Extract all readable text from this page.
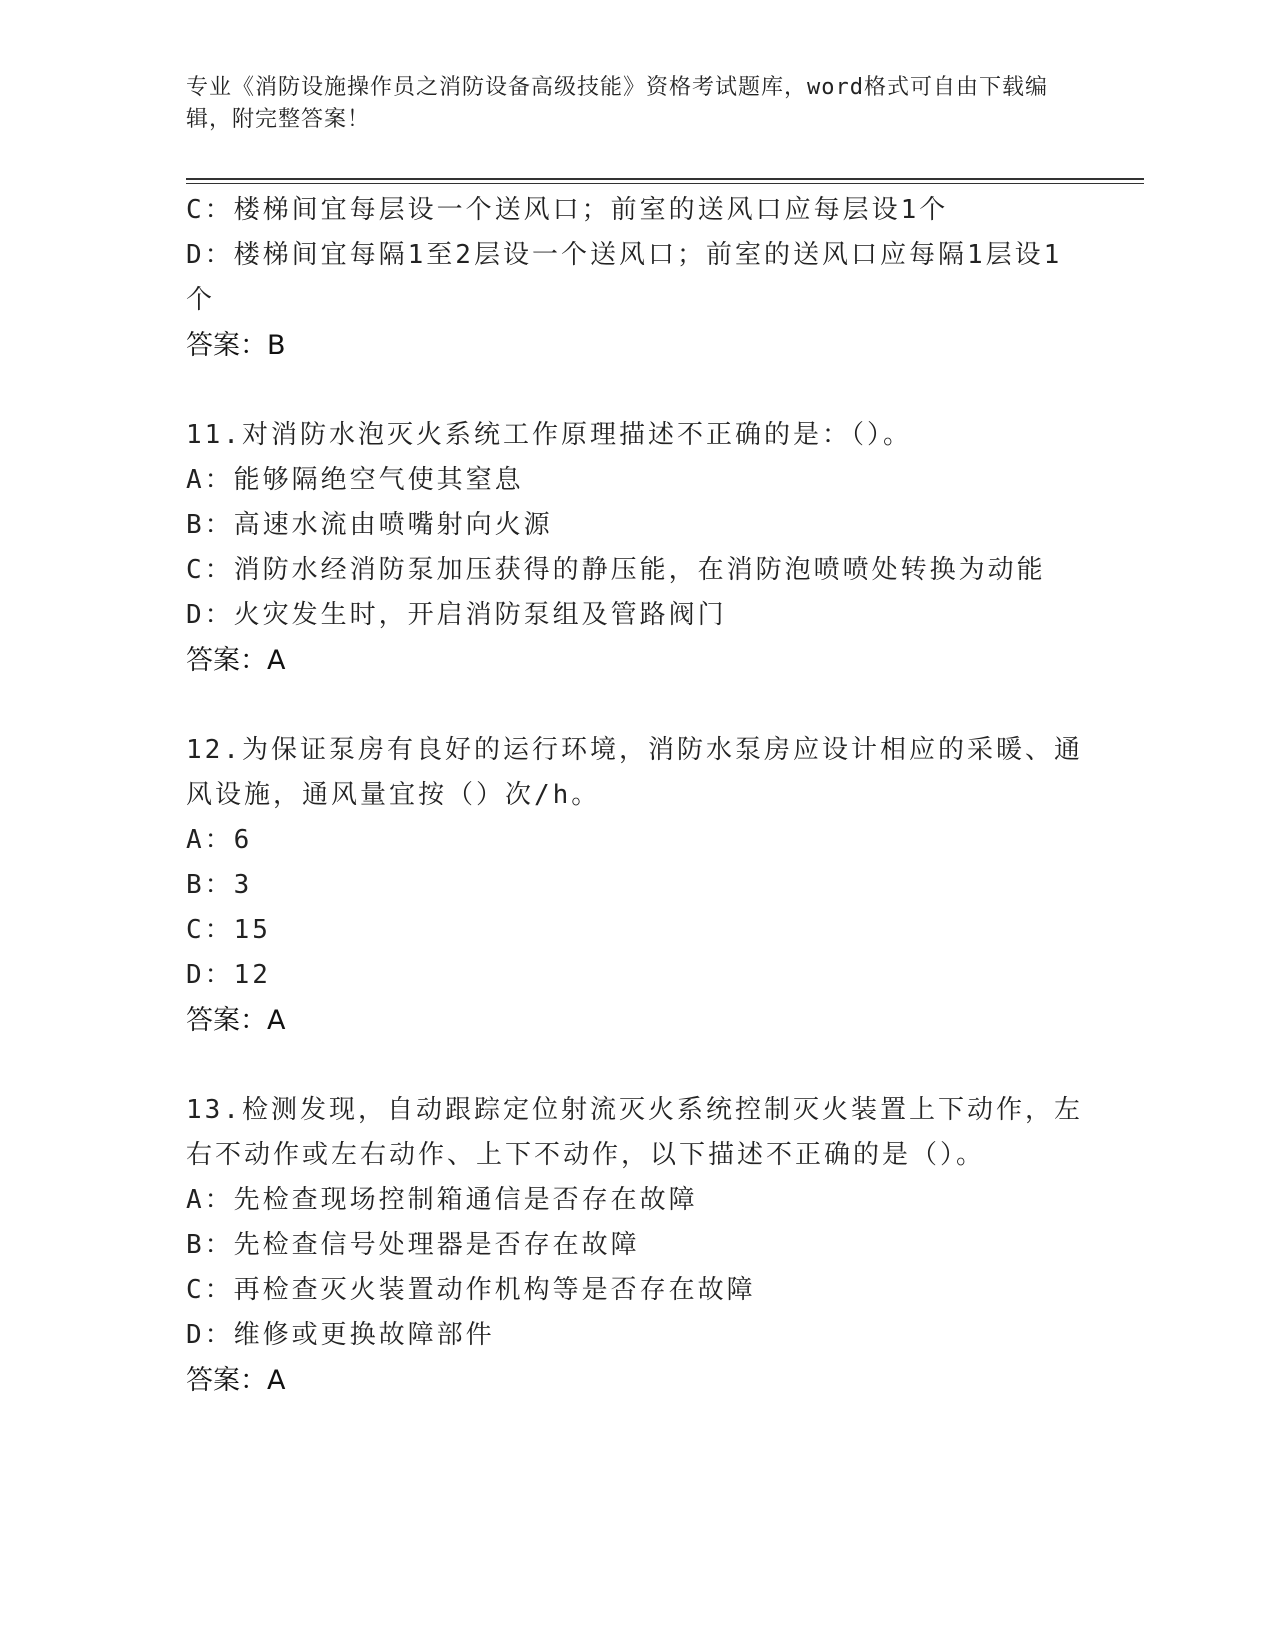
专业《消防设施操作员之消防设备高级技能》资格考试题库，word格式可自由下载编辑，附完整答案！
C：楼梯间宜每层设一个送风口；前室的送风口应每层设1个
D：楼梯间宜每隔1至2层设一个送风口；前室的送风口应每隔1层设1个
答案：B
11.对消防水泡灭火系统工作原理描述不正确的是：（）。
A：能够隔绝空气使其窒息
B：高速水流由喷嘴射向火源
C：消防水经消防泵加压获得的静压能，在消防泡喷喷处转换为动能
D：火灾发生时，开启消防泵组及管路阀门
答案：A
12.为保证泵房有良好的运行环境，消防水泵房应设计相应的采暖、通风设施，通风量宜按（）次/h。
A：6
B：3
C：15
D：12
答案：A
13.检测发现，自动跟踪定位射流灭火系统控制灭火装置上下动作，左右不动作或左右动作、上下不动作，以下描述不正确的是（）。
A：先检查现场控制箱通信是否存在故障
B：先检查信号处理器是否存在故障
C：再检查灭火装置动作机构等是否存在故障
D：维修或更换故障部件
答案：A
